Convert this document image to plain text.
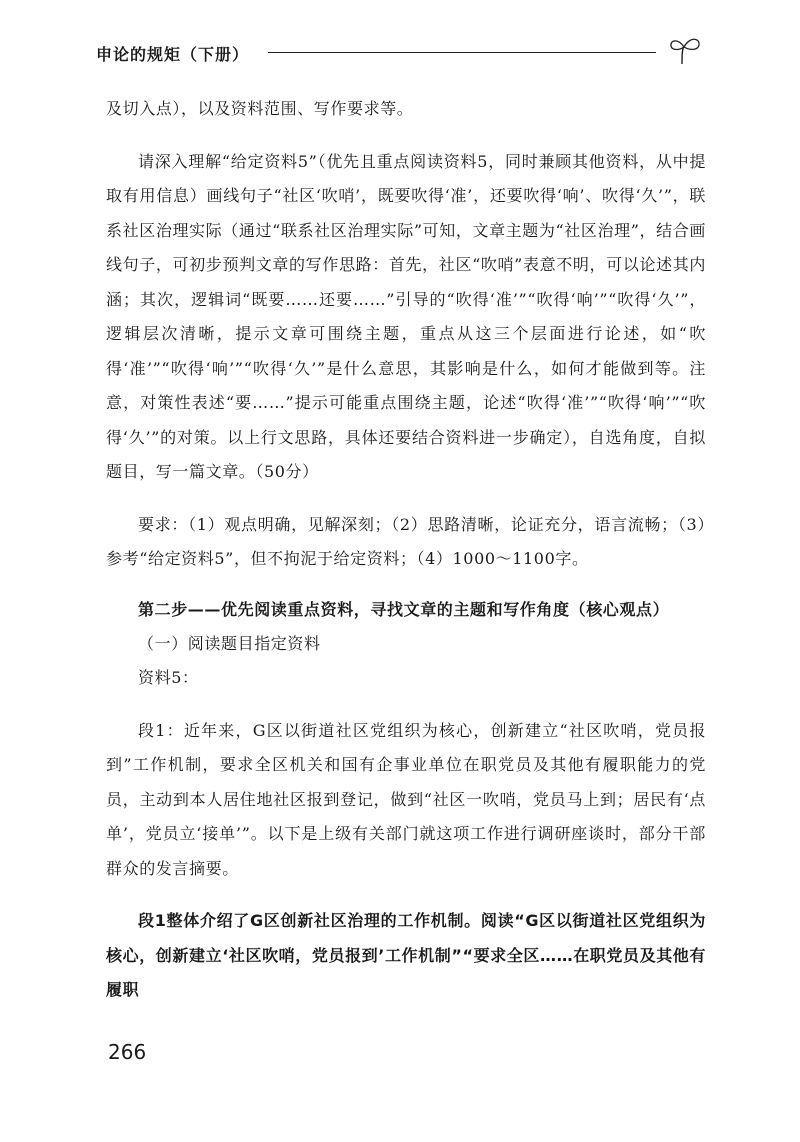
申论的规矩（下册）

及切入点），以及资料范围、写作要求等。

请深入理解“给定资料5”（优先且重点阅读资料5，同时兼顾其他资料，从中提取有用信息）画线句子“社区‘吹哨’，既要吹得‘准’，还要吹得‘响’、吹得‘久’”，联系社区治理实际（通过“联系社区治理实际”可知，文章主题为“社区治理”，结合画线句子，可初步预判文章的写作思路：首先，社区“吹哨”表意不明，可以论述其内涵；其次，逻辑词“既要……还要……”引导的“吹得‘准’”“吹得‘响’”“吹得‘久’”，逻辑层次清晰，提示文章可围绕主题，重点从这三个层面进行论述，如“吹得‘准’”“吹得‘响’”“吹得‘久’”是什么意思，其影响是什么，如何才能做到等。注意，对策性表述“要……”提示可能重点围绕主题，论述“吹得‘准’”“吹得‘响’”“吹得‘久’”的对策。以上行文思路，具体还要结合资料进一步确定），自选角度，自拟题目，写一篇文章。（50分）

要求：（1）观点明确，见解深刻；（2）思路清晰，论证充分，语言流畅；（3）参考“给定资料5”，但不拘泥于给定资料；（4）1000～1100字。

第二步——优先阅读重点资料，寻找文章的主题和写作角度（核心观点）

（一）阅读题目指定资料

资料5：

段1：近年来，G区以街道社区党组织为核心，创新建立“社区吹哨，党员报到”工作机制，要求全区机关和国有企事业单位在职党员及其他有履职能力的党员，主动到本人居住地社区报到登记，做到“社区一吹哨，党员马上到；居民有‘点单’，党员立‘接单’”。以下是上级有关部门就这项工作进行调研座谈时，部分干部群众的发言摘要。

段1整体介绍了G区创新社区治理的工作机制。阅读“G区以街道社区党组织为核心，创新建立‘社区吹哨，党员报到’工作机制”“要求全区……在职党员及其他有履职

266
